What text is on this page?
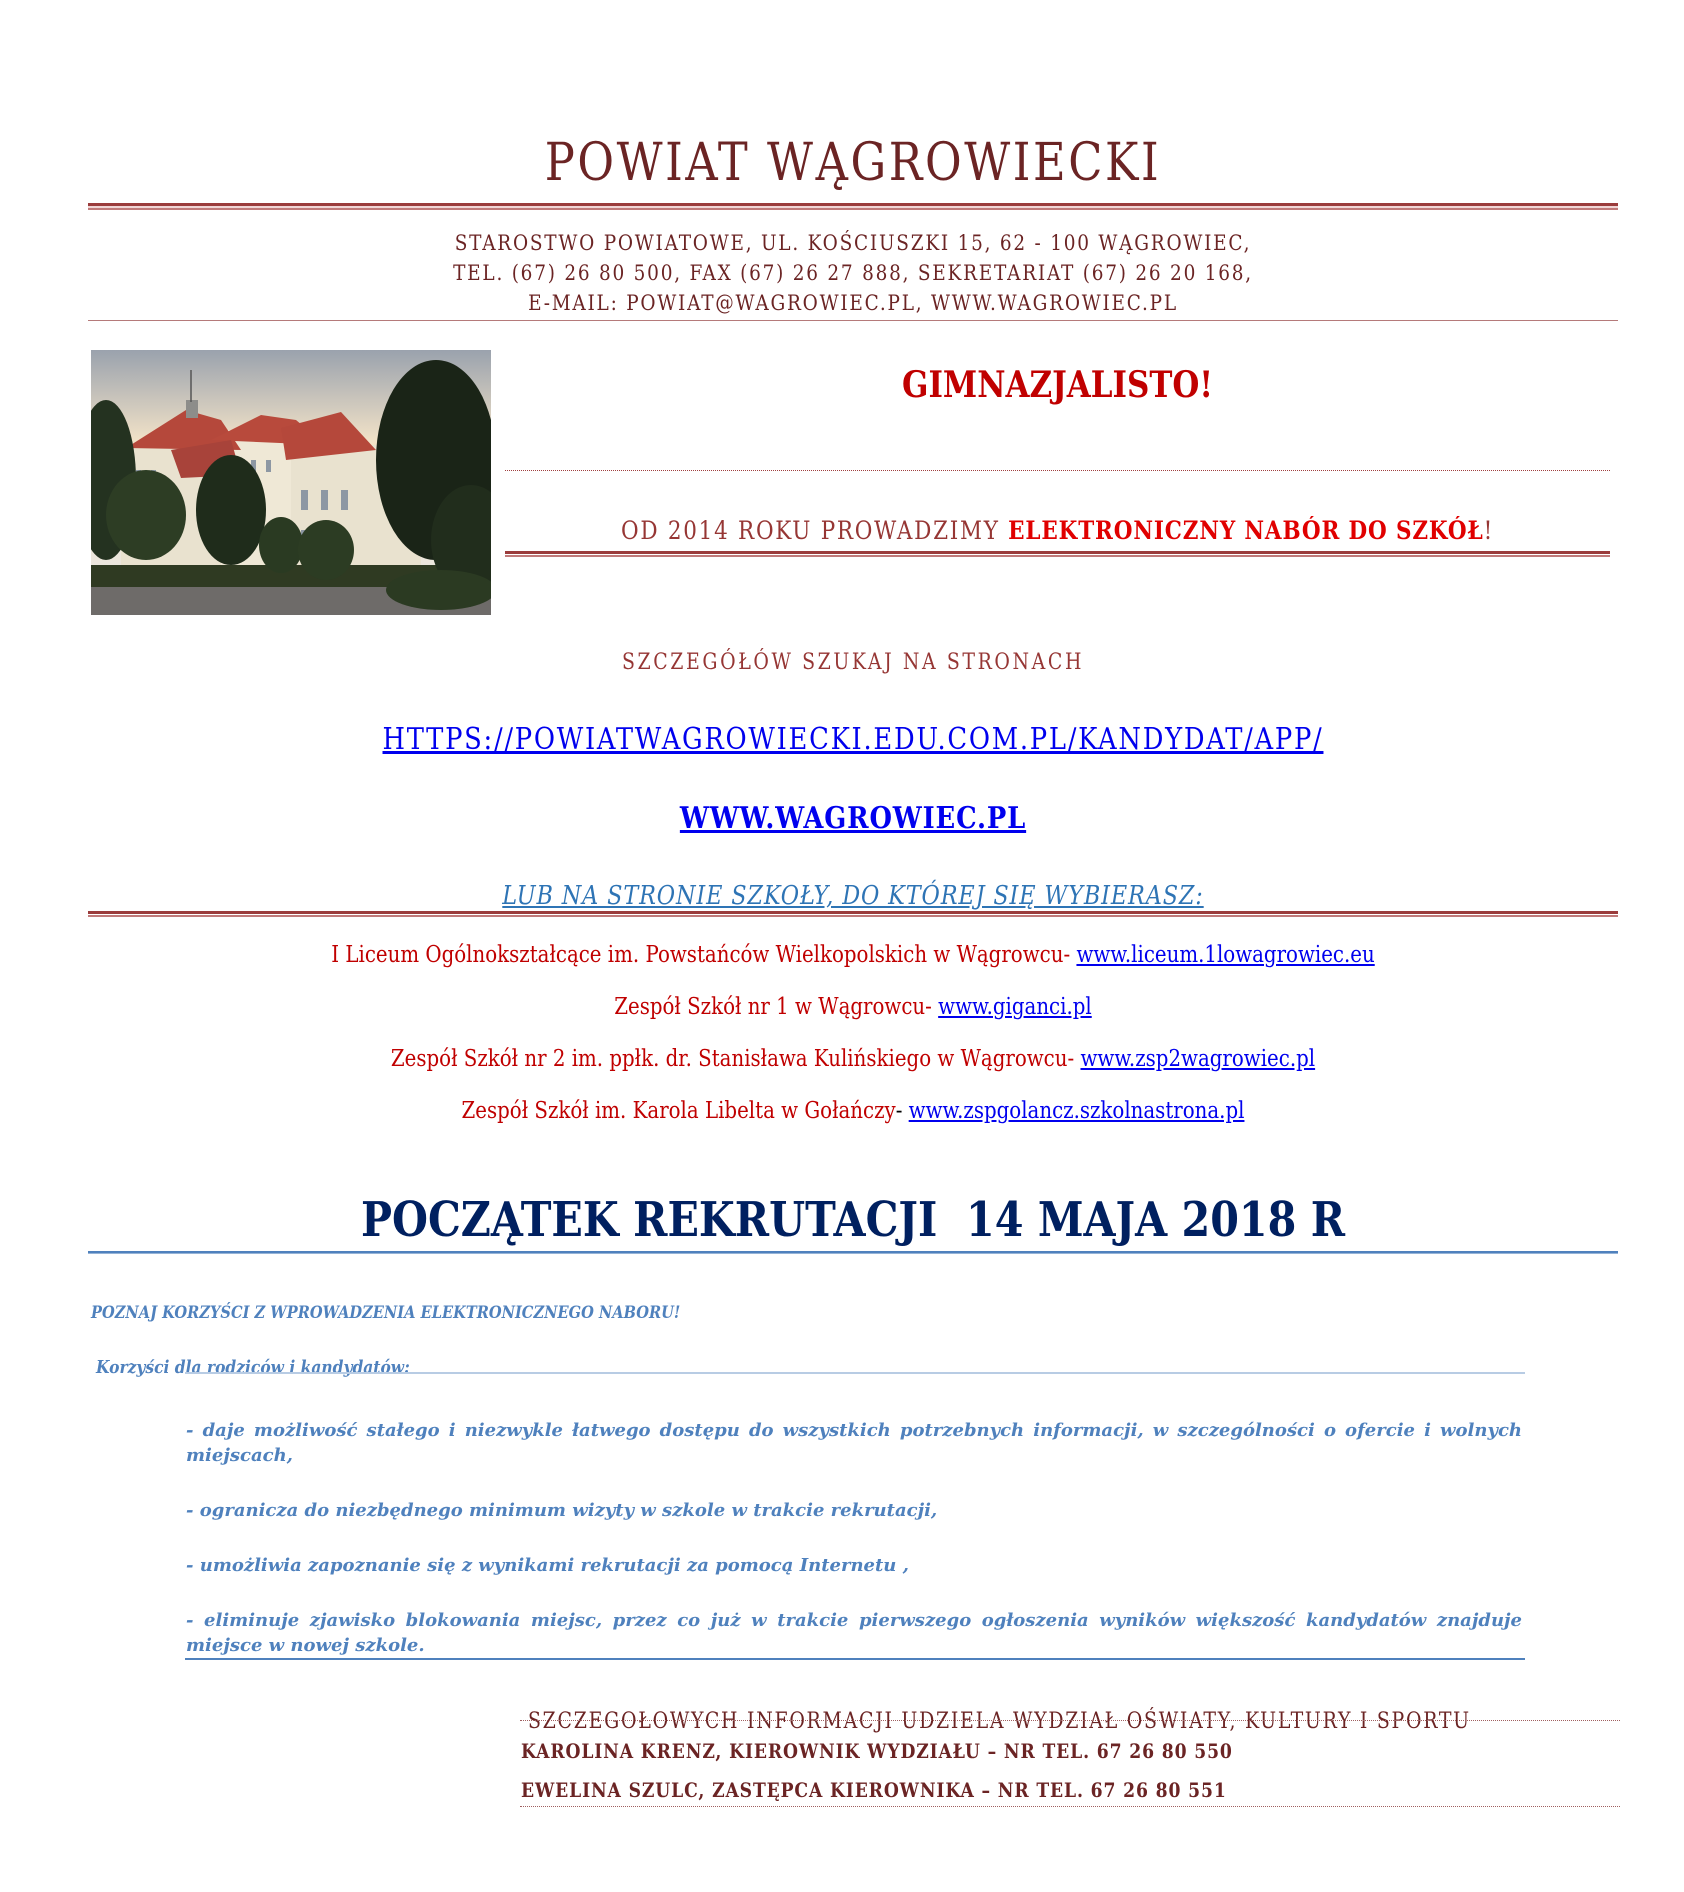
POWIAT WĄGROWIECKI
STAROSTWO POWIATOWE, UL. KOŚCIUSZKI 15, 62 - 100 WĄGROWIEC,
TEL. (67) 26 80 500, FAX (67) 26 27 888, SEKRETARIAT (67) 26 20 168,
E-MAIL: POWIAT@WAGROWIEC.PL, WWW.WAGROWIEC.PL
GIMNAZJALISTO!
OD 2014 ROKU PROWADZIMY ELEKTRONICZNY NABÓR DO SZKÓŁ!
SZCZEGÓŁÓW SZUKAJ NA STRONACH
HTTPS://POWIATWAGROWIECKI.EDU.COM.PL/KANDYDAT/APP/
WWW.WAGROWIEC.PL
LUB NA STRONIE SZKOŁY, DO KTÓREJ SIĘ WYBIERASZ:
I Liceum Ogólnokształcące im. Powstańców Wielkopolskich w Wągrowcu- www.liceum.1lowagrowiec.eu
Zespół Szkół nr 1 w Wągrowcu- www.giganci.pl
Zespół Szkół nr 2 im. ppłk. dr. Stanisława Kulińskiego w Wągrowcu- www.zsp2wagrowiec.pl
Zespół Szkół im. Karola Libelta w Gołańczy- www.zspgolancz.szkolnastrona.pl
POCZĄTEK REKRUTACJI  14 MAJA 2018 R
POZNAJ KORZYŚCI Z WPROWADZENIA ELEKTRONICZNEGO NABORU!
Korzyści dla rodziców i kandydatów:
- daje możliwość stałego i niezwykle łatwego dostępu do wszystkich potrzebnych informacji, w szczególności o ofercie i wolnych miejscach,
- ogranicza do niezbędnego minimum wizyty w szkole w trakcie rekrutacji,
- umożliwia zapoznanie się z wynikami rekrutacji za pomocą Internetu ,
- eliminuje zjawisko blokowania miejsc, przez co już w trakcie pierwszego ogłoszenia wyników większość kandydatów znajduje miejsce w nowej szkole.
SZCZEGOŁOWYCH INFORMACJI UDZIELA WYDZIAŁ OŚWIATY, KULTURY I SPORTU
KAROLINA KRENZ, KIEROWNIK WYDZIAŁU – NR TEL. 67 26 80 550
EWELINA SZULC, ZASTĘPCA KIEROWNIKA – NR TEL. 67 26 80 551
